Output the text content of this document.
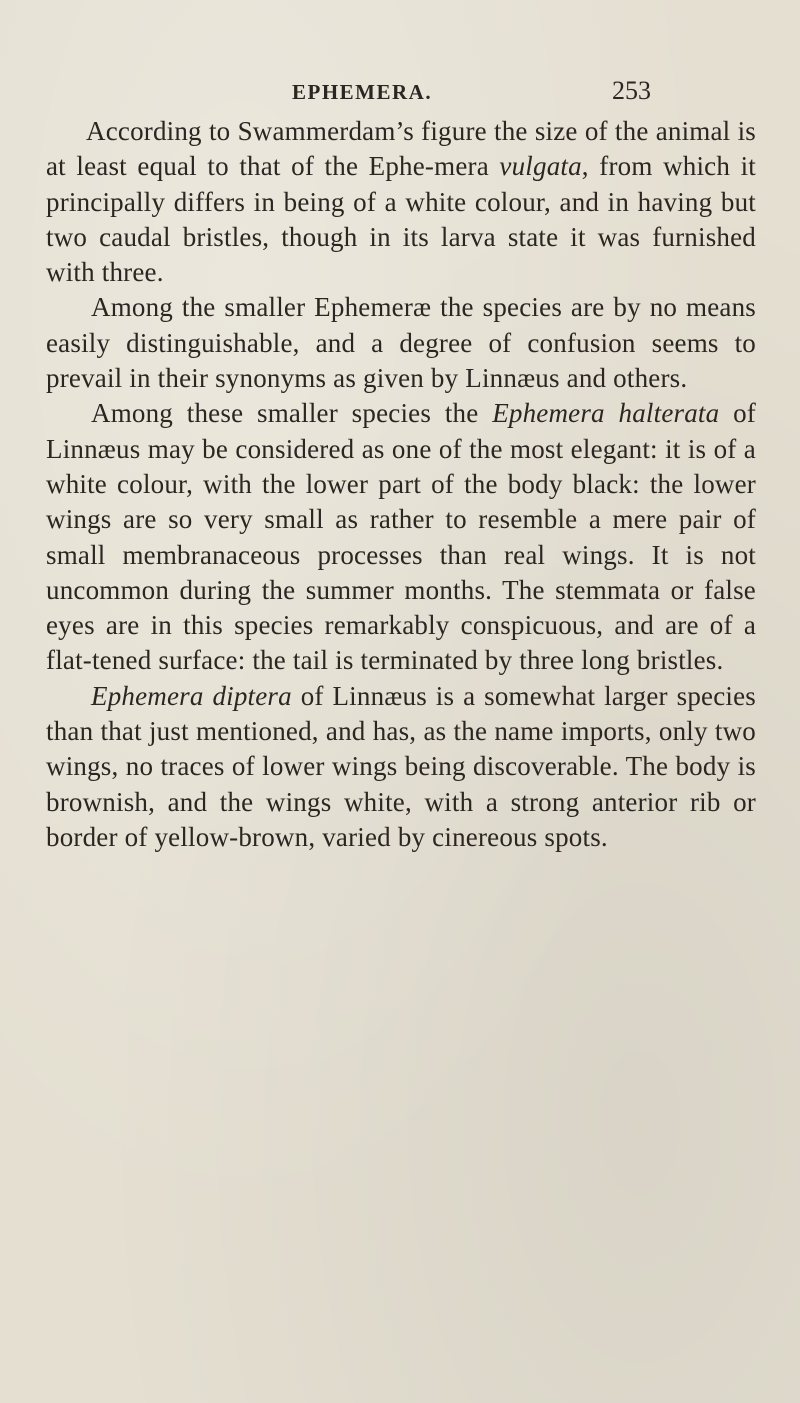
EPHEMERA.	253

According to Swammerdam’s figure the size of the animal is at least equal to that of the Ephe-mera vulgata, from which it principally differs in being of a white colour, and in having but two caudal bristles, though in its larva state it was furnished with three.

Among the smaller Ephemeræ the species are by no means easily distinguishable, and a degree of confusion seems to prevail in their synonyms as given by Linnæus and others.

Among these smaller species the Ephemera halterata of Linnæus may be considered as one of the most elegant: it is of a white colour, with the lower part of the body black: the lower wings are so very small as rather to resemble a mere pair of small membranaceous processes than real wings. It is not uncommon during the summer months. The stemmata or false eyes are in this species remarkably conspicuous, and are of a flat-tened surface: the tail is terminated by three long bristles.

Ephemera diptera of Linnæus is a somewhat larger species than that just mentioned, and has, as the name imports, only two wings, no traces of lower wings being discoverable. The body is brownish, and the wings white, with a strong anterior rib or border of yellow-brown, varied by cinereous spots.
